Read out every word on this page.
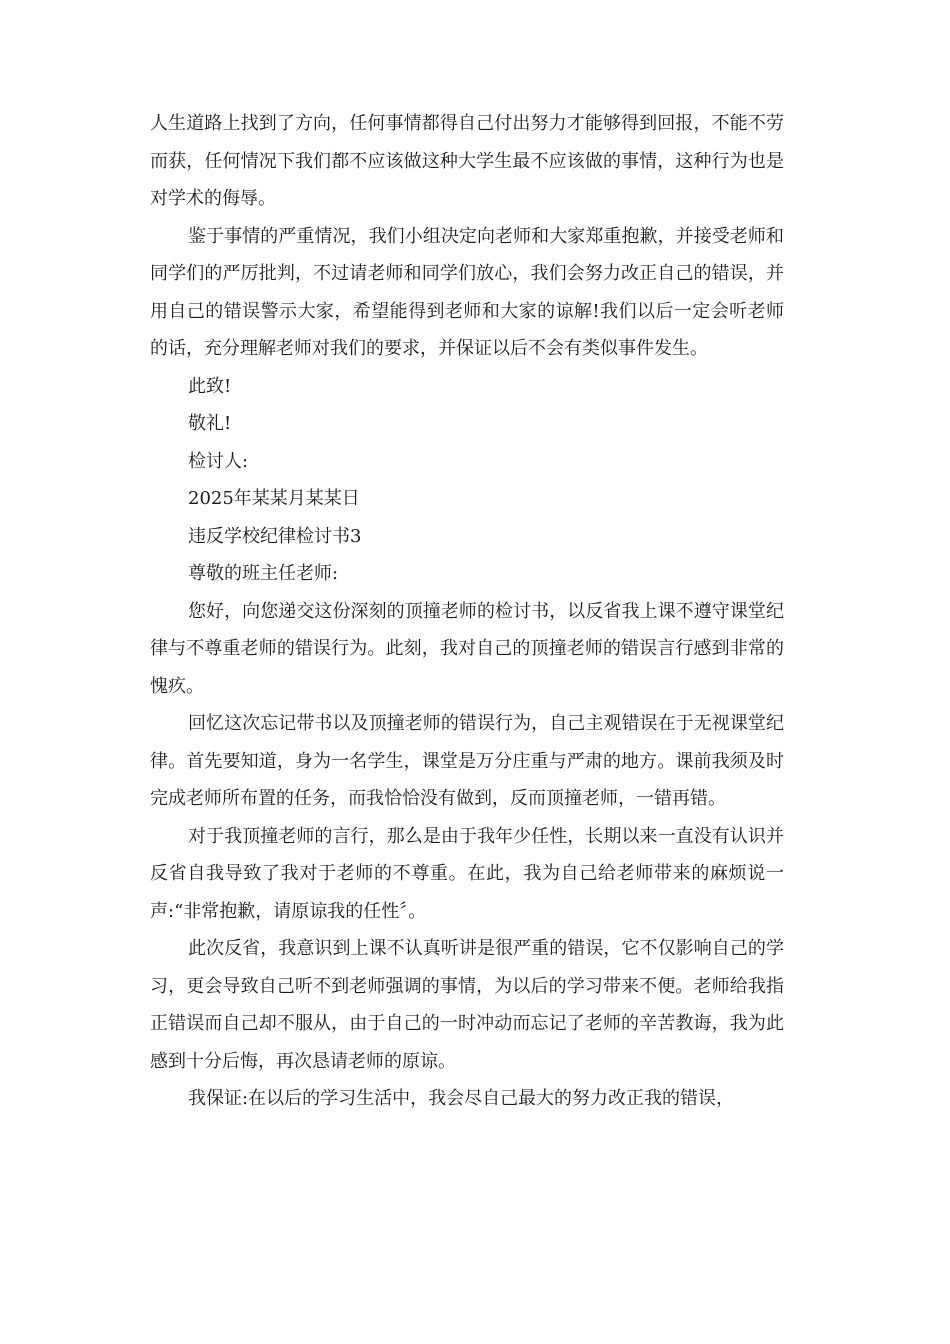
人生道路上找到了方向，任何事情都得自己付出努力才能够得到回报，不能不劳而获，任何情况下我们都不应该做这种大学生最不应该做的事情，这种行为也是对学术的侮辱。

鉴于事情的严重情况，我们小组决定向老师和大家郑重抱歉，并接受老师和同学们的严厉批判，不过请老师和同学们放心，我们会努力改正自己的错误，并用自己的错误警示大家，希望能得到老师和大家的谅解!我们以后一定会听老师的话，充分理解老师对我们的要求，并保证以后不会有类似事件发生。

此致!

敬礼!

检讨人:

2025年某某月某某日

违反学校纪律检讨书3

尊敬的班主任老师:

您好，向您递交这份深刻的顶撞老师的检讨书，以反省我上课不遵守课堂纪律与不尊重老师的错误行为。此刻，我对自己的顶撞老师的错误言行感到非常的愧疚。

回忆这次忘记带书以及顶撞老师的错误行为，自己主观错误在于无视课堂纪律。首先要知道，身为一名学生，课堂是万分庄重与严肃的地方。课前我须及时完成老师所布置的任务，而我恰恰没有做到，反而顶撞老师，一错再错。

对于我顶撞老师的言行，那么是由于我年少任性，长期以来一直没有认识并反省自我导致了我对于老师的不尊重。在此，我为自己给老师带来的麻烦说一声:“非常抱歉，请原谅我的任性〞。

此次反省，我意识到上课不认真听讲是很严重的错误，它不仅影响自己的学习，更会导致自己听不到老师强调的事情，为以后的学习带来不便。老师给我指正错误而自己却不服从，由于自己的一时冲动而忘记了老师的辛苦教诲，我为此感到十分后悔，再次恳请老师的原谅。

我保证:在以后的学习生活中，我会尽自己最大的努力改正我的错误，
